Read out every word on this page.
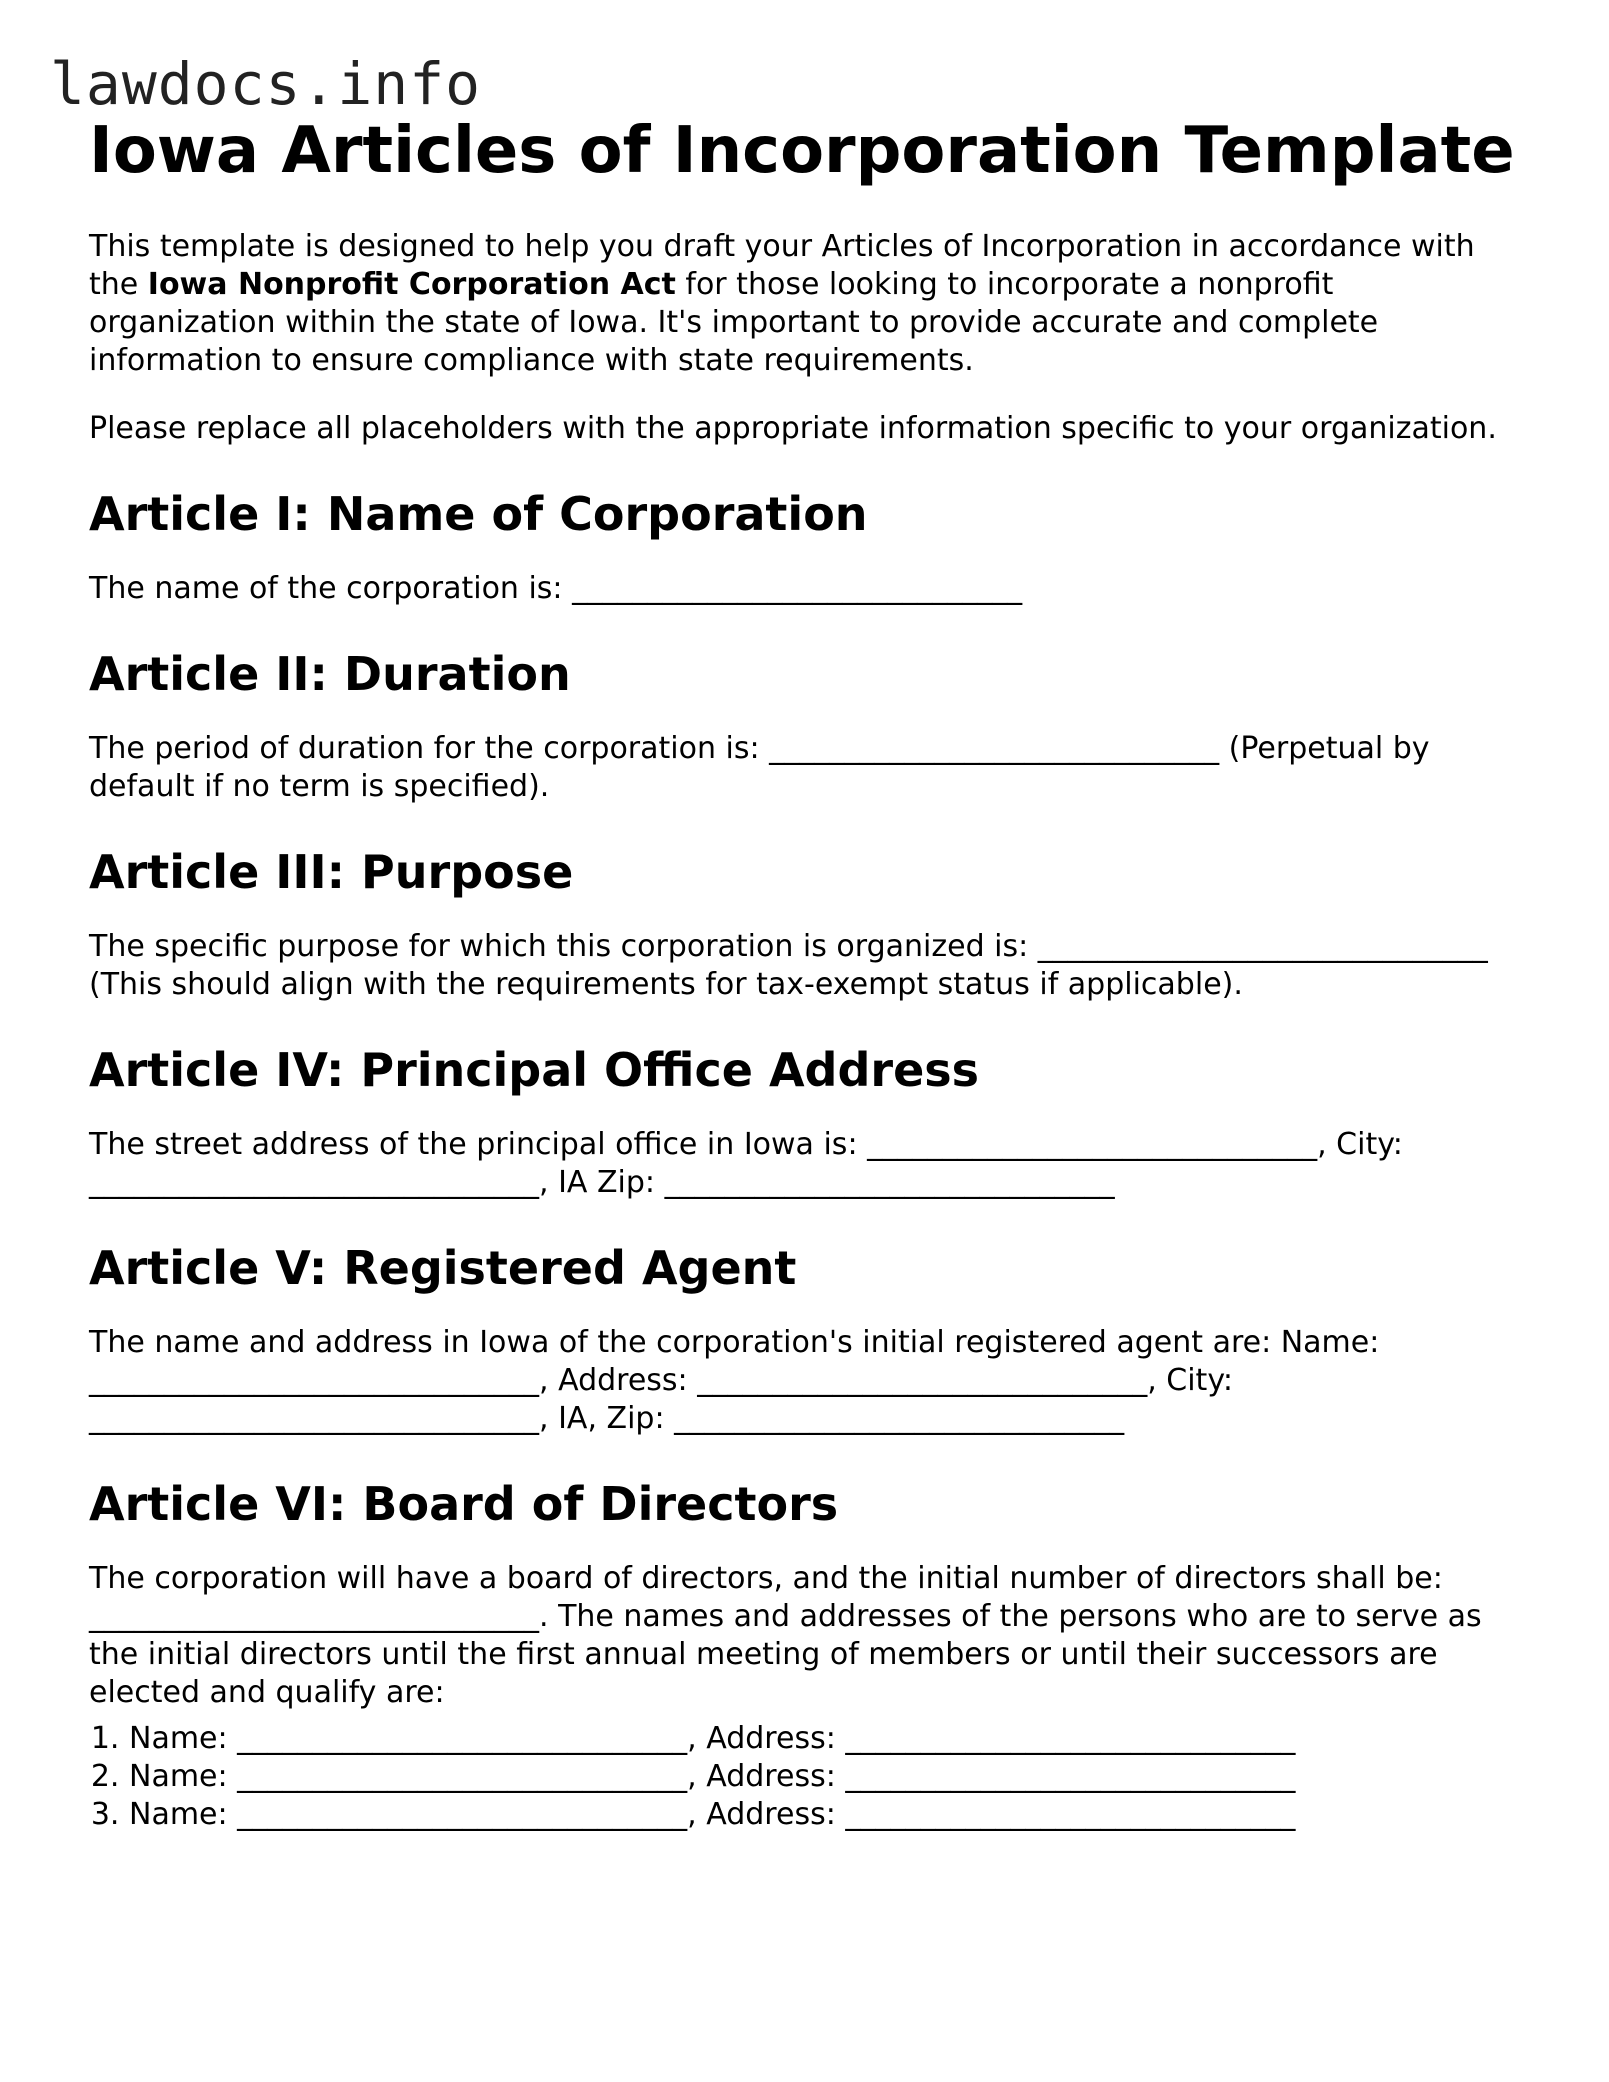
lawdocs.info
Iowa Articles of Incorporation Template

This template is designed to help you draft your Articles of Incorporation in accordance with the Iowa Nonprofit Corporation Act for those looking to incorporate a nonprofit organization within the state of Iowa. It's important to provide accurate and complete information to ensure compliance with state requirements.

Please replace all placeholders with the appropriate information specific to your organization.

Article I: Name of Corporation

The name of the corporation is: ______________________________

Article II: Duration

The period of duration for the corporation is: ______________________________ (Perpetual by default if no term is specified).

Article III: Purpose

The specific purpose for which this corporation is organized is: ______________________________ (This should align with the requirements for tax-exempt status if applicable).

Article IV: Principal Office Address

The street address of the principal office in Iowa is: ______________________________, City: ______________________________, IA Zip: ______________________________

Article V: Registered Agent

The name and address in Iowa of the corporation's initial registered agent are: Name: ______________________________, Address: ______________________________, City: ______________________________, IA, Zip: ______________________________

Article VI: Board of Directors

The corporation will have a board of directors, and the initial number of directors shall be: ______________________________. The names and addresses of the persons who are to serve as the initial directors until the first annual meeting of members or until their successors are elected and qualify are:

1. Name: ______________________________, Address: ______________________________
2. Name: ______________________________, Address: ______________________________
3. Name: ______________________________, Address: ______________________________
